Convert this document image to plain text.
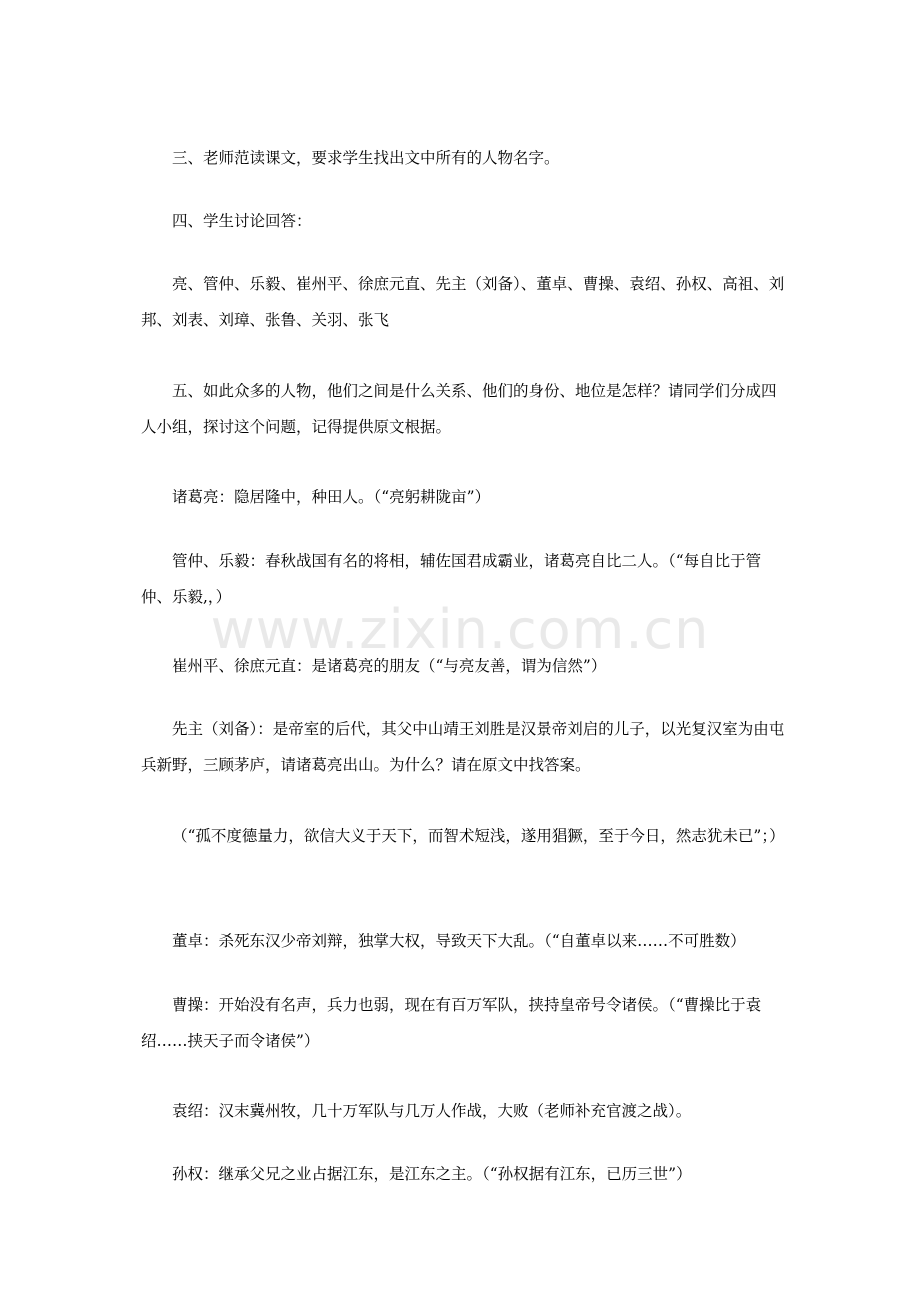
三、老师范读课文，要求学生找出文中所有的人物名字。

四、学生讨论回答：

亮、管仲、乐毅、崔州平、徐庶元直、先主（刘备）、董卓、曹操、袁绍、孙权、高祖、刘邦、刘表、刘璋、张鲁、关羽、张飞

五、如此众多的人物，他们之间是什么关系、他们的身份、地位是怎样？请同学们分成四人小组，探讨这个问题，记得提供原文根据。

诸葛亮：隐居隆中，种田人。（“亮躬耕陇亩”）

管仲、乐毅：春秋战国有名的将相，辅佐国君成霸业，诸葛亮自比二人。（“每自比于管仲、乐毅,，）

崔州平、徐庶元直：是诸葛亮的朋友（“与亮友善，谓为信然”）

先主（刘备）：是帝室的后代，其父中山靖王刘胜是汉景帝刘启的儿子，以光复汉室为由屯兵新野，三顾茅庐，请诸葛亮出山。为什么？请在原文中找答案。

（“孤不度德量力，欲信大义于天下，而智术短浅，遂用猖獗，至于今日，然志犹未已”；）

董卓：杀死东汉少帝刘辩，独掌大权，导致天下大乱。（“自董卓以来……不可胜数）

曹操：开始没有名声，兵力也弱，现在有百万军队，挟持皇帝号令诸侯。（“曹操比于袁绍……挟天子而令诸侯”）

袁绍：汉末冀州牧，几十万军队与几万人作战，大败（老师补充官渡之战）。

孙权：继承父兄之业占据江东，是江东之主。（“孙权据有江东，已历三世”）

www.zixin.com.cn
